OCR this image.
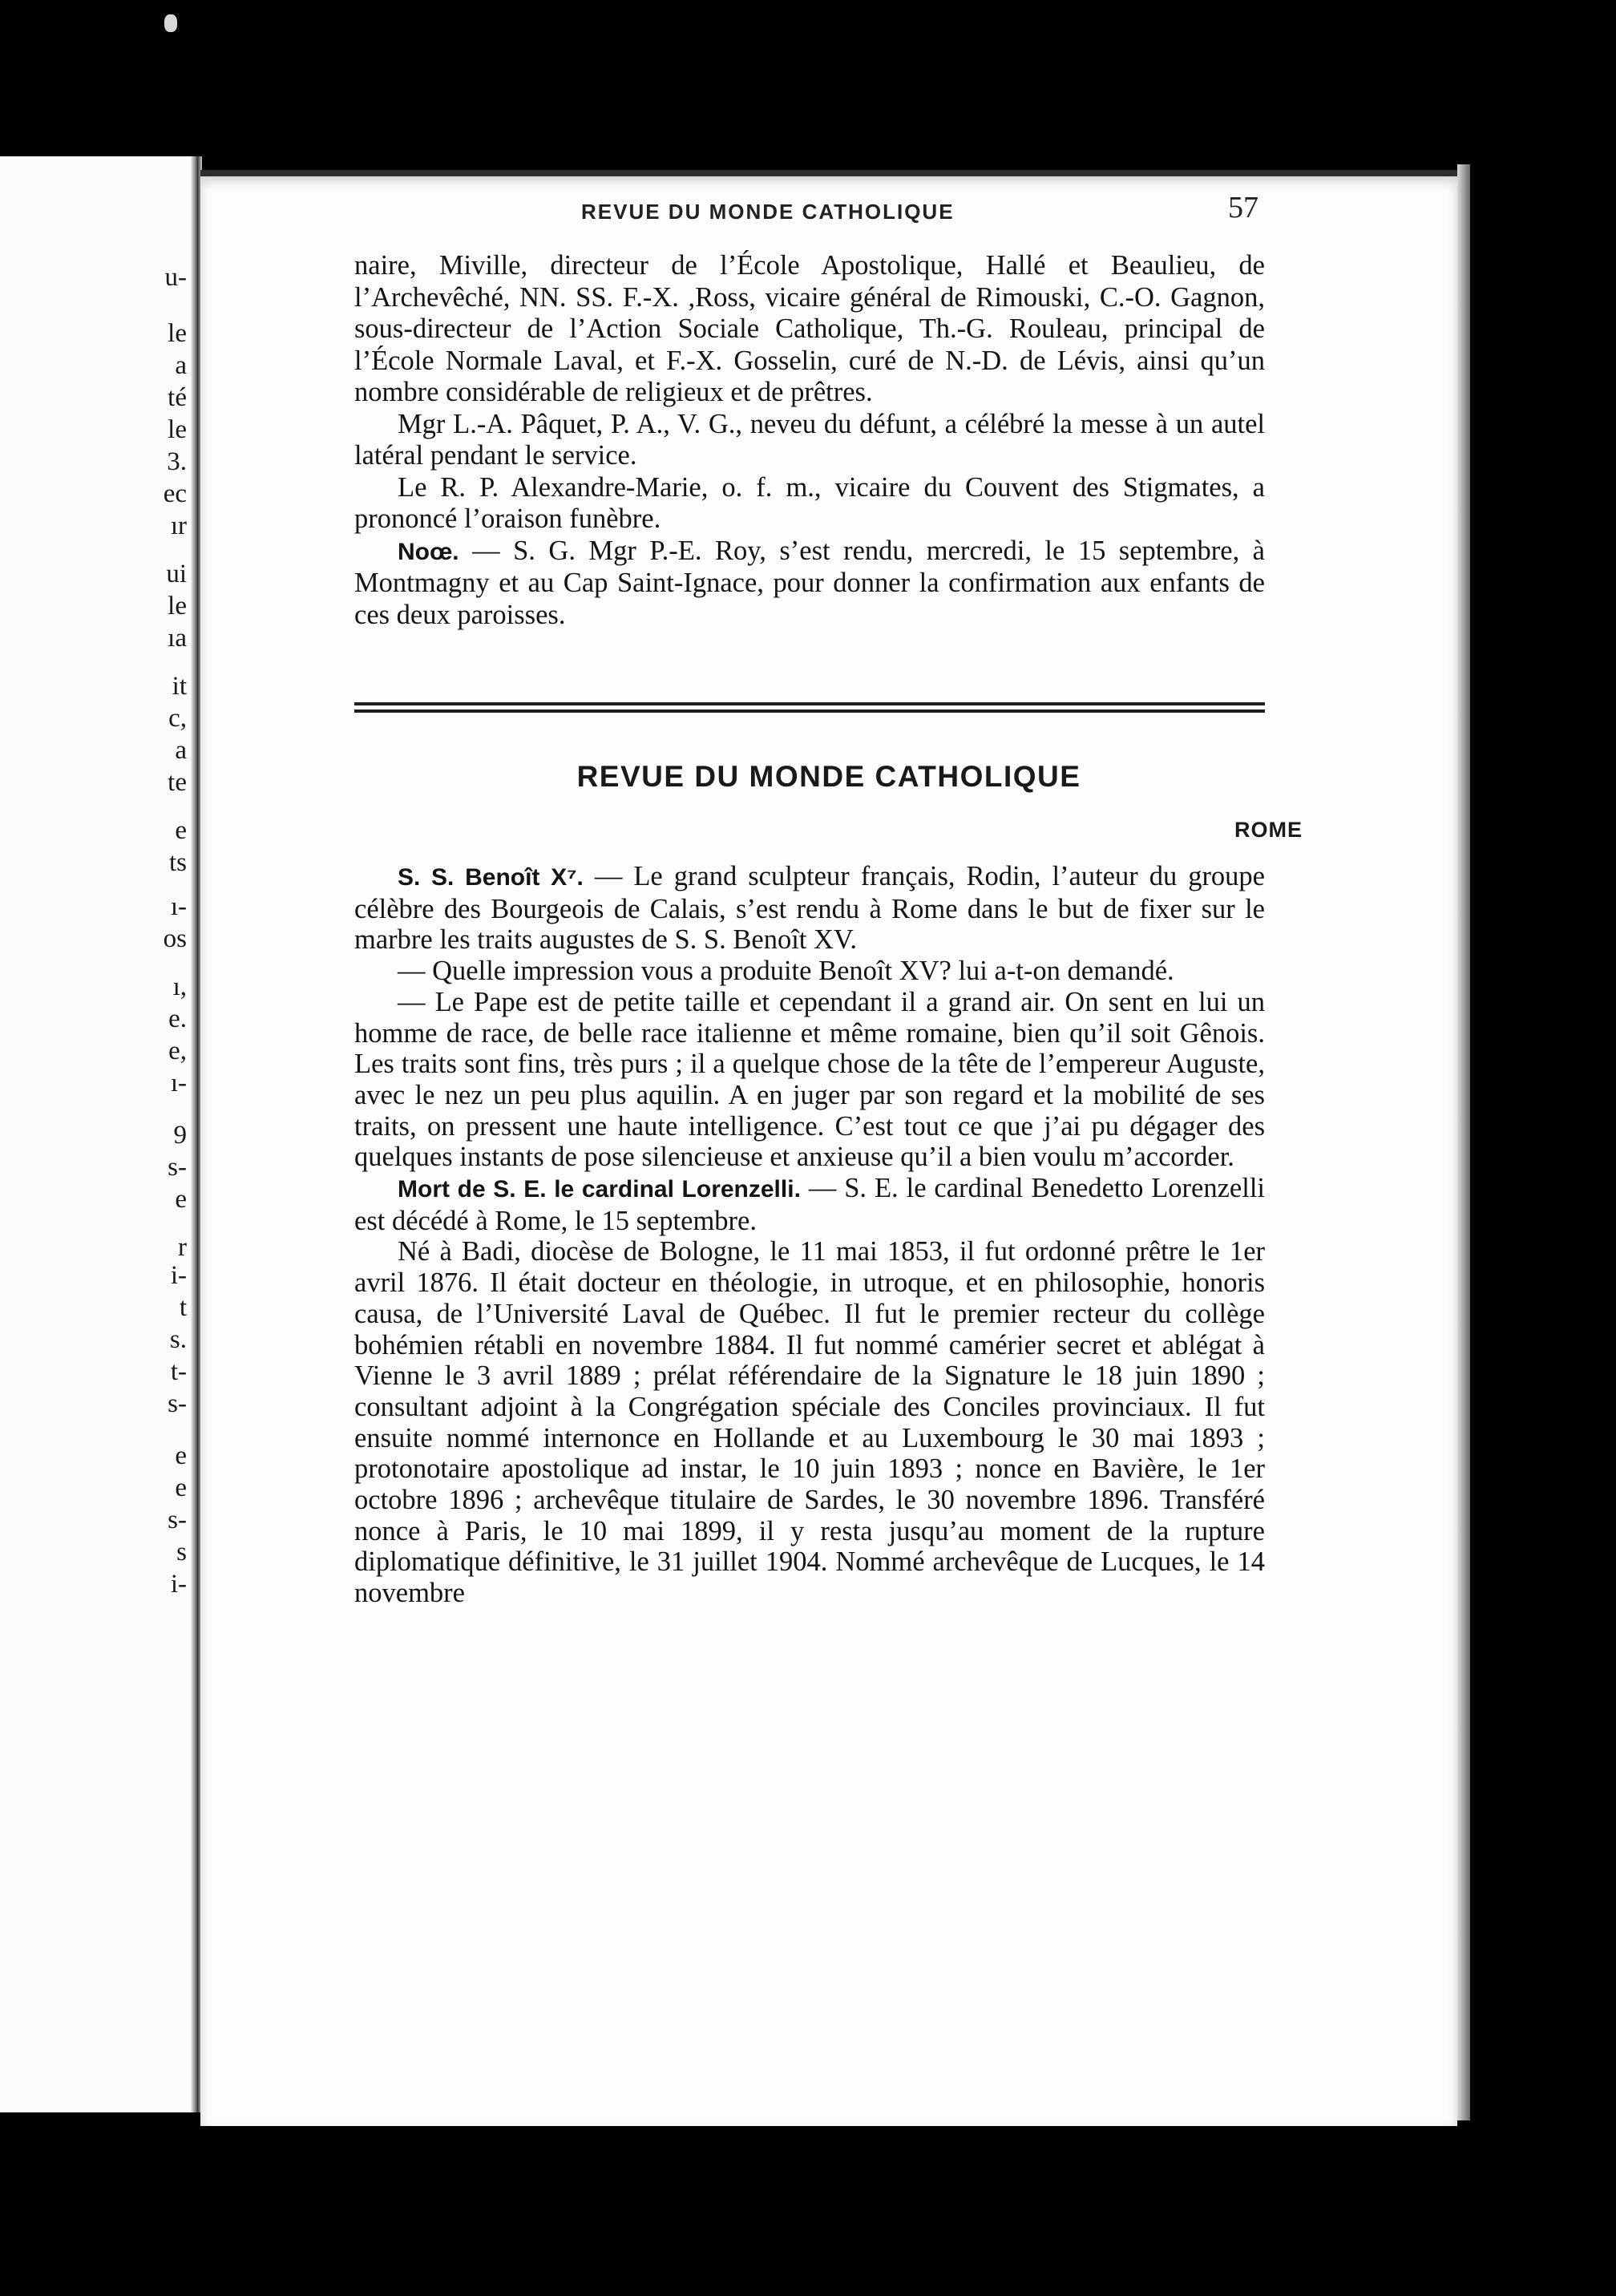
u-
le
a
té
le
3.
ec
ır
ui
le
ıa
it
c,
a
te
e
ts
ı-
os
ı,
e.
e,
ı-
9
s-
e
r
i-
t
s.
t-
s-
e
e
s-
s
i-
REVUE DU MONDE CATHOLIQUE	57

naire, Miville, directeur de l’École Apostolique, Hallé et Beaulieu, de l’Archevêché, NN. SS. F.-X. ,Ross, vicaire général de Rimouski, C.-O. Gagnon, sous-directeur de l’Action Sociale Catholique, Th.-G. Rouleau, principal de l’École Normale Laval, et F.-X. Gosselin, curé de N.-D. de Lévis, ainsi qu’un nombre considérable de religieux et de prêtres.

Mgr L.-A. Pâquet, P. A., V. G., neveu du défunt, a célébré la messe à un autel latéral pendant le service.

Le R. P. Alexandre-Marie, o. f. m., vicaire du Couvent des Stigmates, a prononcé l’oraison funèbre.

Noœ. — S. G. Mgr P.-E. Roy, s’est rendu, mercredi, le 15 septembre, à Montmagny et au Cap Saint-Ignace, pour donner la confirmation aux enfants de ces deux paroisses.

REVUE DU MONDE CATHOLIQUE
ROME

S. S. Benoît X⁷. — Le grand sculpteur français, Rodin, l’auteur du groupe célèbre des Bourgeois de Calais, s’est rendu à Rome dans le but de fixer sur le marbre les traits augustes de S. S. Benoît XV.

— Quelle impression vous a produite Benoît XV? lui a-t-on demandé.

— Le Pape est de petite taille et cependant il a grand air. On sent en lui un homme de race, de belle race italienne et même romaine, bien qu’il soit Gênois. Les traits sont fins, très purs ; il a quelque chose de la tête de l’empereur Auguste, avec le nez un peu plus aquilin. A en juger par son regard et la mobilité de ses traits, on pressent une haute intelligence. C’est tout ce que j’ai pu dégager des quelques instants de pose silencieuse et anxieuse qu’il a bien voulu m’accorder.

Mort de S. E. le cardinal Lorenzelli. — S. E. le cardinal Benedetto Lorenzelli est décédé à Rome, le 15 septembre.

Né à Badi, diocèse de Bologne, le 11 mai 1853, il fut ordonné prêtre le 1er avril 1876. Il était docteur en théologie, in utroque, et en philosophie, honoris causa, de l’Université Laval de Québec. Il fut le premier recteur du collège bohémien rétabli en novembre 1884. Il fut nommé camérier secret et ablégat à Vienne le 3 avril 1889 ; prélat référendaire de la Signature le 18 juin 1890 ; consultant adjoint à la Congrégation spéciale des Conciles provinciaux. Il fut ensuite nommé internonce en Hollande et au Luxembourg le 30 mai 1893 ; protonotaire apostolique ad instar, le 10 juin 1893 ; nonce en Bavière, le 1er octobre 1896 ; archevêque titulaire de Sardes, le 30 novembre 1896. Transféré nonce à Paris, le 10 mai 1899, il y resta jusqu’au moment de la rupture diplomatique définitive, le 31 juillet 1904. Nommé archevêque de Lucques, le 14 novembre
